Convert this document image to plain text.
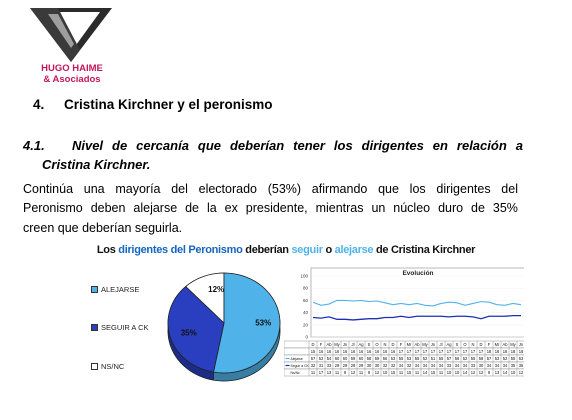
HUGO HAIME
& Asociados
4. Cristina Kirchner y el peronismo
4.1.	Nivel de cercanía que deberían tener los dirigentes en relación a
Cristina Kirchner.
Continúa una mayoría del electorado (53%) afirmando que los dirigentes del
Peronismo deben alejarse de la ex presidente, mientras un núcleo duro de 35%
creen que deberían seguirla.
Los dirigentes del Peronismo deberían seguir o alejarse de Cristina Kirchner
ALEJARSE
SEGUIR A CK
NS/NC
12%
53%
35%
Evolución
100
80
60
40
20
0
D F Ab My Jn Jl Ag S O N D F Mr Ab My Jn Jl Ag S O N D F Mr Ab My Jn
15 16 16 16 16 16 16 16 16 16 16 17 17 17 17 17 17 17 17 17 17 17 18 18 18 18 18
Alejarse 57 52 54 60 60 59 60 58 59 56 53 55 53 55 52 51 55 57 56 52 55 58 57 53 52 55 53
Seguir a CK 32 31 33 29 29 28 29 30 30 32 32 34 32 34 34 34 34 33 34 34 33 30 34 34 34 35 35
Ns/Nc	11 17 13 11 9 12 11 9 12 10 15 11 15 11 14 15 11 10 10 14 12 12 9 13 14 10 12
